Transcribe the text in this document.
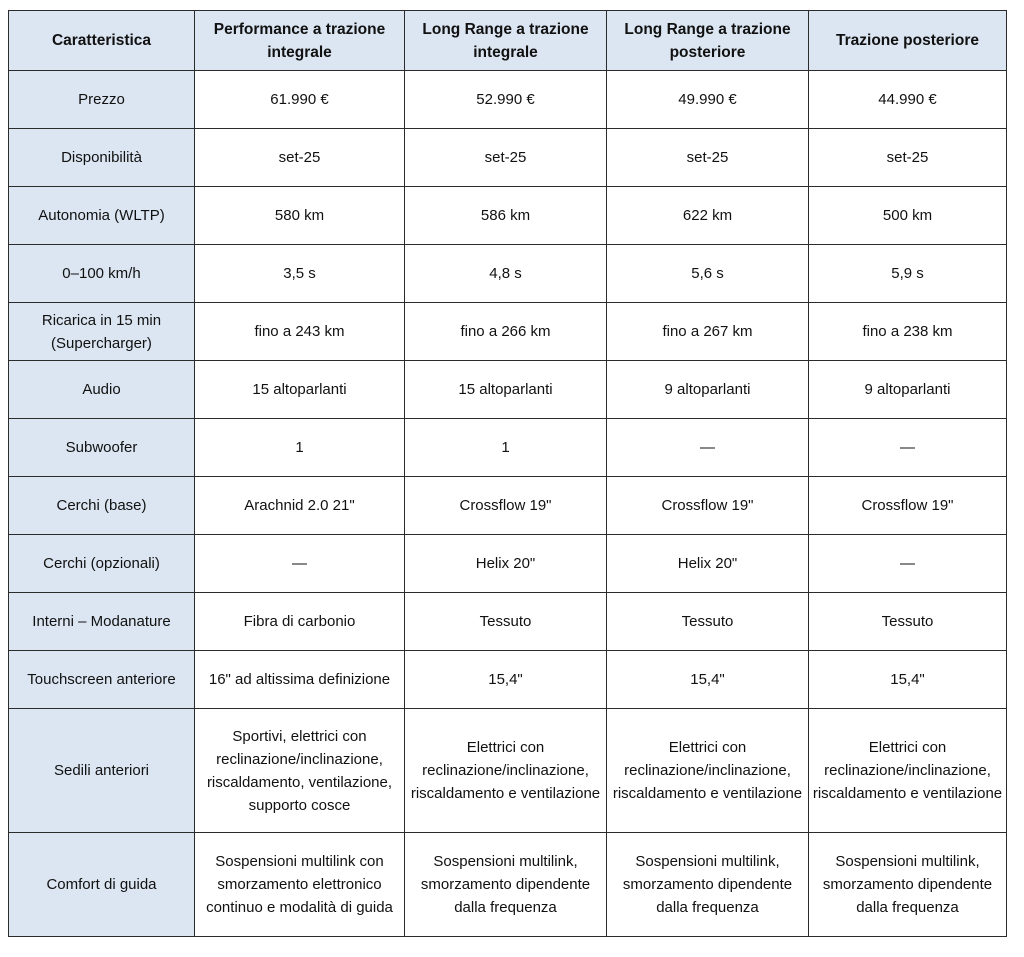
Caratteristica	Performance a trazione integrale	Long Range a trazione integrale	Long Range a trazione posteriore	Trazione posteriore
Prezzo	61.990 €	52.990 €	49.990 €	44.990 €
Disponibilità	set-25	set-25	set-25	set-25
Autonomia (WLTP)	580 km	586 km	622 km	500 km
0–100 km/h	3,5 s	4,8 s	5,6 s	5,9 s
Ricarica in 15 min (Supercharger)	fino a 243 km	fino a 266 km	fino a 267 km	fino a 238 km
Audio	15 altoparlanti	15 altoparlanti	9 altoparlanti	9 altoparlanti
Subwoofer	1	1	—	—
Cerchi (base)	Arachnid 2.0 21"	Crossflow 19"	Crossflow 19"	Crossflow 19"
Cerchi (opzionali)	—	Helix 20"	Helix 20"	—
Interni – Modanature	Fibra di carbonio	Tessuto	Tessuto	Tessuto
Touchscreen anteriore	16" ad altissima definizione	15,4"	15,4"	15,4"
Sedili anteriori	Sportivi, elettrici con reclinazione/inclinazione, riscaldamento, ventilazione, supporto cosce	Elettrici con reclinazione/inclinazione, riscaldamento e ventilazione	Elettrici con reclinazione/inclinazione, riscaldamento e ventilazione	Elettrici con reclinazione/inclinazione, riscaldamento e ventilazione
Comfort di guida	Sospensioni multilink con smorzamento elettronico continuo e modalità di guida	Sospensioni multilink, smorzamento dipendente dalla frequenza	Sospensioni multilink, smorzamento dipendente dalla frequenza	Sospensioni multilink, smorzamento dipendente dalla frequenza
